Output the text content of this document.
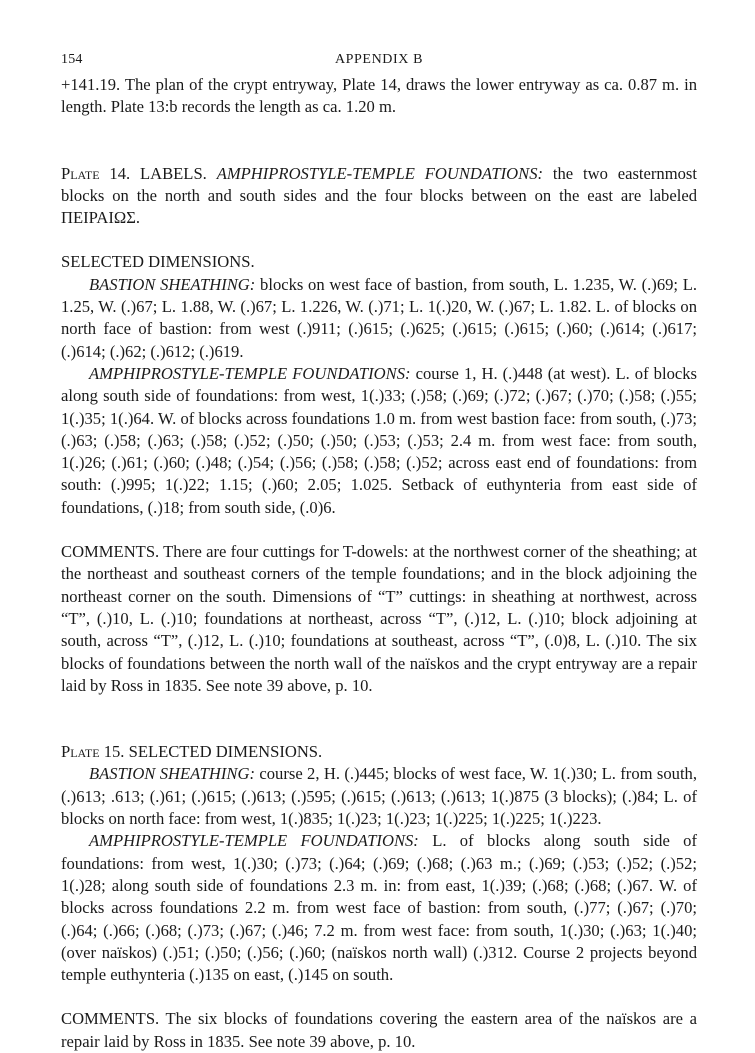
154	APPENDIX B

+141.19. The plan of the crypt entryway, Plate 14, draws the lower entryway as ca. 0.87 m. in length. Plate 13:b records the length as ca. 1.20 m.

Plate 14. LABELS. AMPHIPROSTYLE-TEMPLE FOUNDATIONS: the two easternmost blocks on the north and south sides and the four blocks between on the east are labeled ΠΕΙΡΑΙΩΣ.

SELECTED DIMENSIONS.

BASTION SHEATHING: blocks on west face of bastion, from south, L. 1.235, W. (.)69; L. 1.25, W. (.)67; L. 1.88, W. (.)67; L. 1.226, W. (.)71; L. 1(.)20, W. (.)67; L. 1.82. L. of blocks on north face of bastion: from west (.)911; (.)615; (.)625; (.)615; (.)615; (.)60; (.)614; (.)617; (.)614; (.)62; (.)612; (.)619.

AMPHIPROSTYLE-TEMPLE FOUNDATIONS: course 1, H. (.)448 (at west). L. of blocks along south side of foundations: from west, 1(.)33; (.)58; (.)69; (.)72; (.)67; (.)70; (.)58; (.)55; 1(.)35; 1(.)64. W. of blocks across foundations 1.0 m. from west bastion face: from south, (.)73; (.)63; (.)58; (.)63; (.)58; (.)52; (.)50; (.)50; (.)53; (.)53; 2.4 m. from west face: from south, 1(.)26; (.)61; (.)60; (.)48; (.)54; (.)56; (.)58; (.)58; (.)52; across east end of foundations: from south: (.)995; 1(.)22; 1.15; (.)60; 2.05; 1.025. Setback of euthynteria from east side of foundations, (.)18; from south side, (.0)6.

COMMENTS. There are four cuttings for T-dowels: at the northwest corner of the sheathing; at the northeast and southeast corners of the temple foundations; and in the block adjoining the northeast corner on the south. Dimensions of “T” cuttings: in sheathing at northwest, across “T”, (.)10, L. (.)10; foundations at northeast, across “T”, (.)12, L. (.)10; block adjoining at south, across “T”, (.)12, L. (.)10; foundations at southeast, across “T”, (.0)8, L. (.)10. The six blocks of foundations between the north wall of the naïskos and the crypt entryway are a repair laid by Ross in 1835. See note 39 above, p. 10.

Plate 15. SELECTED DIMENSIONS.

BASTION SHEATHING: course 2, H. (.)445; blocks of west face, W. 1(.)30; L. from south, (.)613; .613; (.)61; (.)615; (.)613; (.)595; (.)615; (.)613; (.)613; 1(.)875 (3 blocks); (.)84; L. of blocks on north face: from west, 1(.)835; 1(.)23; 1(.)23; 1(.)225; 1(.)225; 1(.)223.

AMPHIPROSTYLE-TEMPLE FOUNDATIONS: L. of blocks along south side of foundations: from west, 1(.)30; (.)73; (.)64; (.)69; (.)68; (.)63 m.; (.)69; (.)53; (.)52; (.)52; 1(.)28; along south side of foundations 2.3 m. in: from east, 1(.)39; (.)68; (.)68; (.)67. W. of blocks across foundations 2.2 m. from west face of bastion: from south, (.)77; (.)67; (.)70; (.)64; (.)66; (.)68; (.)73; (.)67; (.)46; 7.2 m. from west face: from south, 1(.)30; (.)63; 1(.)40; (over naïskos) (.)51; (.)50; (.)56; (.)60; (naïskos north wall) (.)312. Course 2 projects beyond temple euthynteria (.)135 on east, (.)145 on south.

COMMENTS. The six blocks of foundations covering the eastern area of the naïskos are a repair laid by Ross in 1835. See note 39 above, p. 10.
